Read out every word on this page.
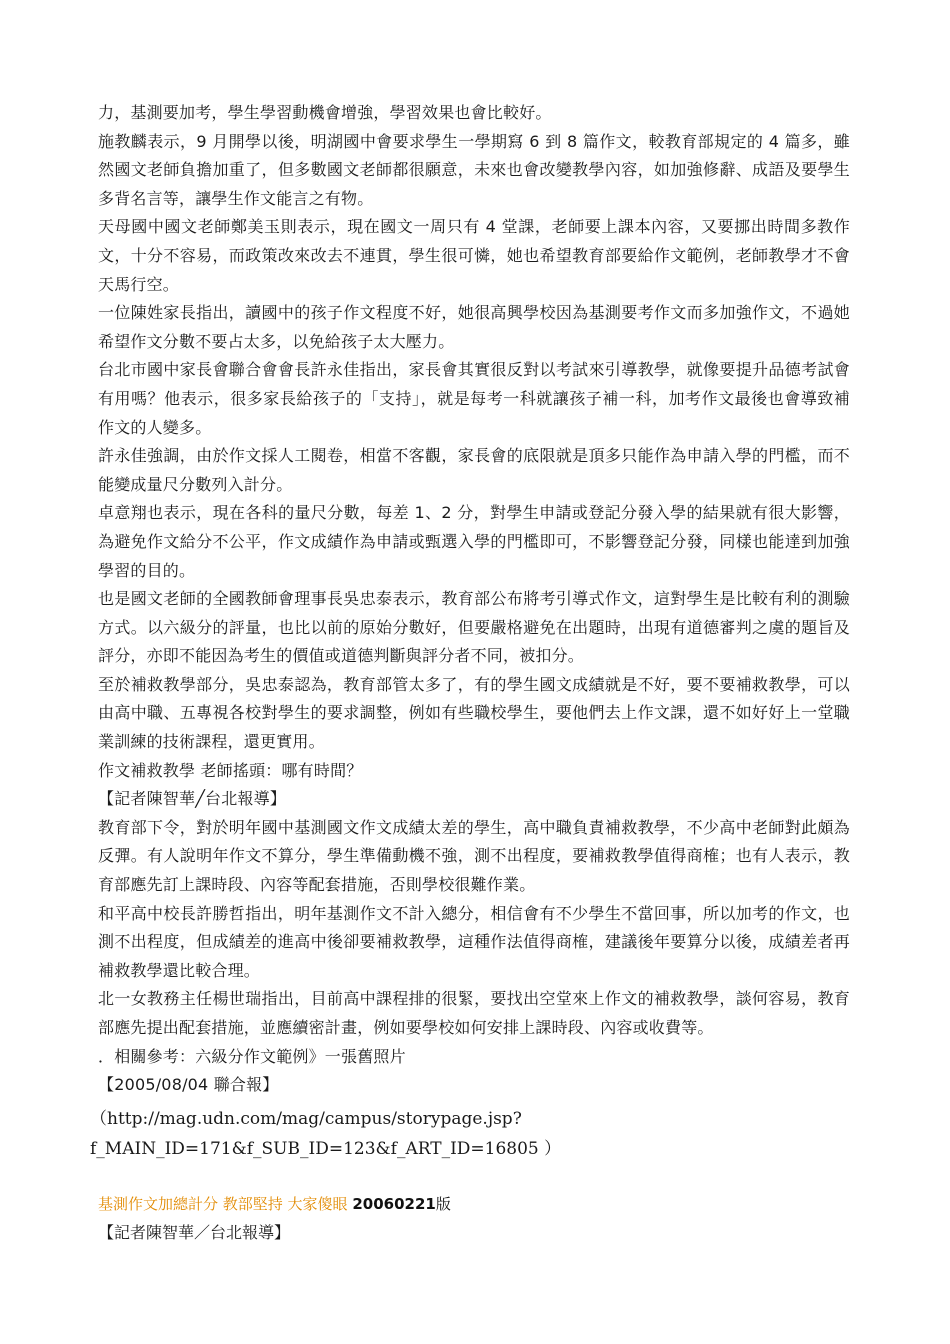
力，基測要加考，學生學習動機會增強，學習效果也會比較好。

施教麟表示，9 月開學以後，明湖國中會要求學生一學期寫 6 到 8 篇作文，較教育部規定的 4 篇多，雖然國文老師負擔加重了，但多數國文老師都很願意，未來也會改變教學內容，如加強修辭、成語及要學生多背名言等，讓學生作文能言之有物。

天母國中國文老師鄭美玉則表示，現在國文一周只有 4 堂課，老師要上課本內容，又要挪出時間多教作文，十分不容易，而政策改來改去不連貫，學生很可憐，她也希望教育部要給作文範例，老師教學才不會天馬行空。

一位陳姓家長指出，讀國中的孩子作文程度不好，她很高興學校因為基測要考作文而多加強作文，不過她希望作文分數不要占太多，以免給孩子太大壓力。

台北市國中家長會聯合會會長許永佳指出，家長會其實很反對以考試來引導教學，就像要提升品德考試會有用嗎？他表示，很多家長給孩子的「支持」，就是每考一科就讓孩子補一科，加考作文最後也會導致補作文的人變多。

許永佳強調，由於作文採人工閱卷，相當不客觀，家長會的底限就是頂多只能作為申請入學的門檻，而不能變成量尺分數列入計分。

卓意翔也表示，現在各科的量尺分數，每差 1、2 分，對學生申請或登記分發入學的結果就有很大影響，為避免作文給分不公平，作文成績作為申請或甄選入學的門檻即可，不影響登記分發，同樣也能達到加強學習的目的。

也是國文老師的全國教師會理事長吳忠泰表示，教育部公布將考引導式作文，這對學生是比較有利的測驗方式。以六級分的評量，也比以前的原始分數好，但要嚴格避免在出題時，出現有道德審判之虞的題旨及評分，亦即不能因為考生的價值或道德判斷與評分者不同，被扣分。

至於補救教學部分，吳忠泰認為，教育部管太多了，有的學生國文成績就是不好，要不要補救教學，可以由高中職、五專視各校對學生的要求調整，例如有些職校學生，要他們去上作文課，還不如好好上一堂職業訓練的技術課程，還更實用。

作文補救教學 老師搖頭：哪有時間？

【記者陳智華╱台北報導】

教育部下令，對於明年國中基測國文作文成績太差的學生，高中職負責補救教學，不少高中老師對此頗為反彈。有人說明年作文不算分，學生準備動機不強，測不出程度，要補救教學值得商榷；也有人表示，教育部應先訂上課時段、內容等配套措施，否則學校很難作業。

和平高中校長許勝哲指出，明年基測作文不計入總分，相信會有不少學生不當回事，所以加考的作文，也測不出程度，但成績差的進高中後卻要補救教學，這種作法值得商榷，建議後年要算分以後，成績差者再補救教學還比較合理。

北一女教務主任楊世瑞指出，目前高中課程排的很緊，要找出空堂來上作文的補救教學，談何容易，教育部應先提出配套措施，並應續密計畫，例如要學校如何安排上課時段、內容或收費等。

．相關參考：六級分作文範例》一張舊照片

【2005/08/04 聯合報】

（http://mag.udn.com/mag/campus/storypage.jsp?
f_MAIN_ID=171&f_SUB_ID=123&f_ART_ID=16805 ）
基測作文加總計分 教部堅持 大家傻眼 20060221版
【記者陳智華／台北報導】
